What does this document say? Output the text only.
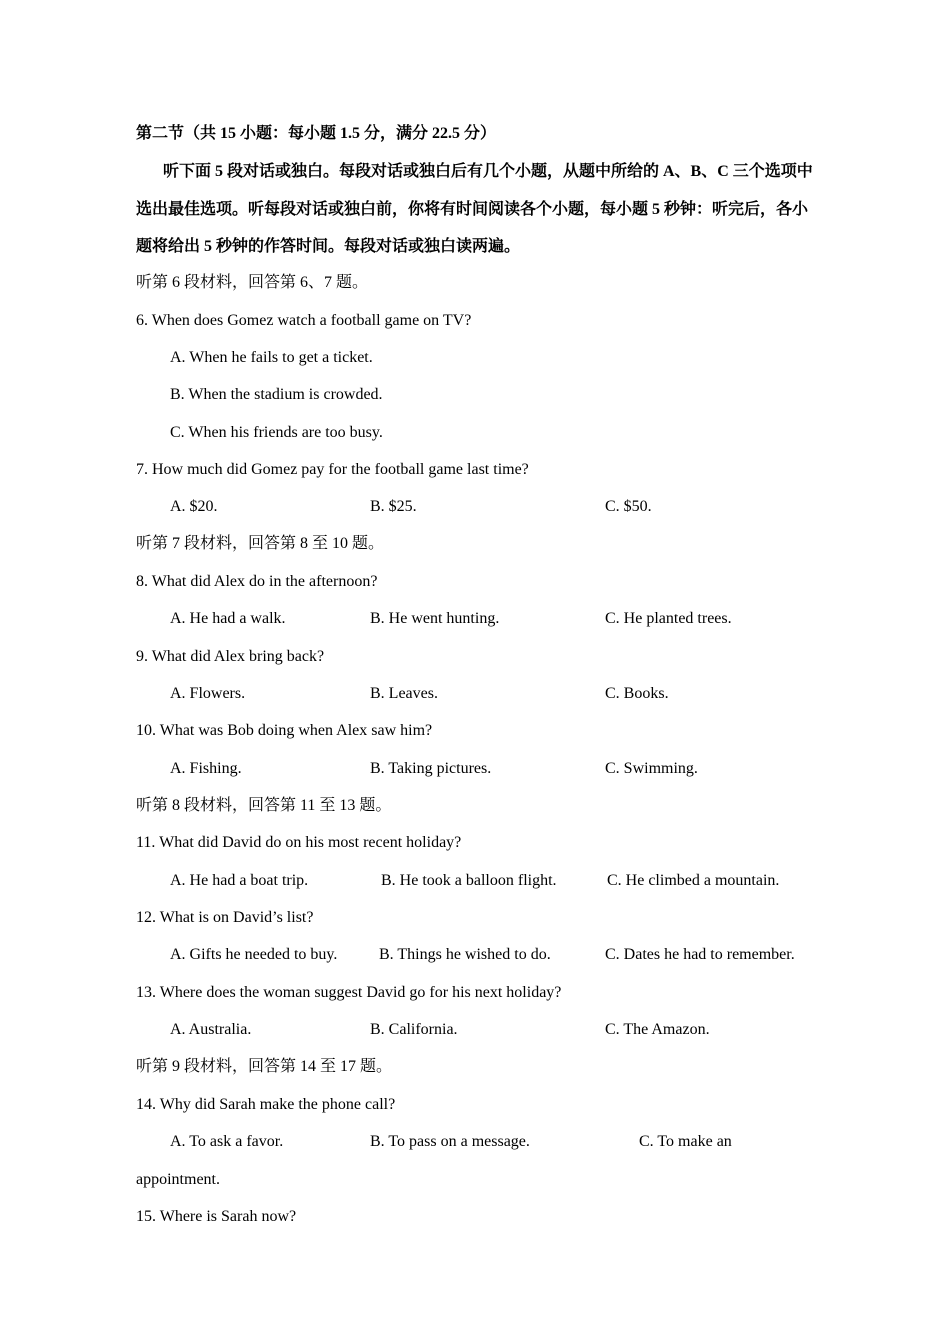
第二节（共 15 小题：每小题 1.5 分，满分 22.5 分）
听下面 5 段对话或独白。每段对话或独白后有几个小题，从题中所给的 A、B、C 三个选项中选出最佳选项。听每段对话或独白前，你将有时间阅读各个小题，每小题 5 秒钟：听完后，各小题将给出 5 秒钟的作答时间。每段对话或独白读两遍。
听第 6 段材料，回答第 6、7 题。
6. When does Gomez watch a football game on TV?
A. When he fails to get a ticket.
B. When the stadium is crowded.
C. When his friends are too busy.
7. How much did Gomez pay for the football game last time?
A. $20.	B. $25.	C. $50.
听第 7 段材料，回答第 8 至 10 题。
8. What did Alex do in the afternoon?
A. He had a walk.	B. He went hunting.	C. He planted trees.
9. What did Alex bring back?
A. Flowers.	B. Leaves.	C. Books.
10. What was Bob doing when Alex saw him?
A. Fishing.	B. Taking pictures.	C. Swimming.
听第 8 段材料，回答第 11 至 13 题。
11. What did David do on his most recent holiday?
A. He had a boat trip.	B. He took a balloon flight.	C. He climbed a mountain.
12. What is on David’s list?
A. Gifts he needed to buy.	B. Things he wished to do.	C. Dates he had to remember.
13. Where does the woman suggest David go for his next holiday?
A. Australia.	B. California.	C. The Amazon.
听第 9 段材料，回答第 14 至 17 题。
14. Why did Sarah make the phone call?
A. To ask a favor.	B. To pass on a message.	C. To make an
appointment.
15. Where is Sarah now?
